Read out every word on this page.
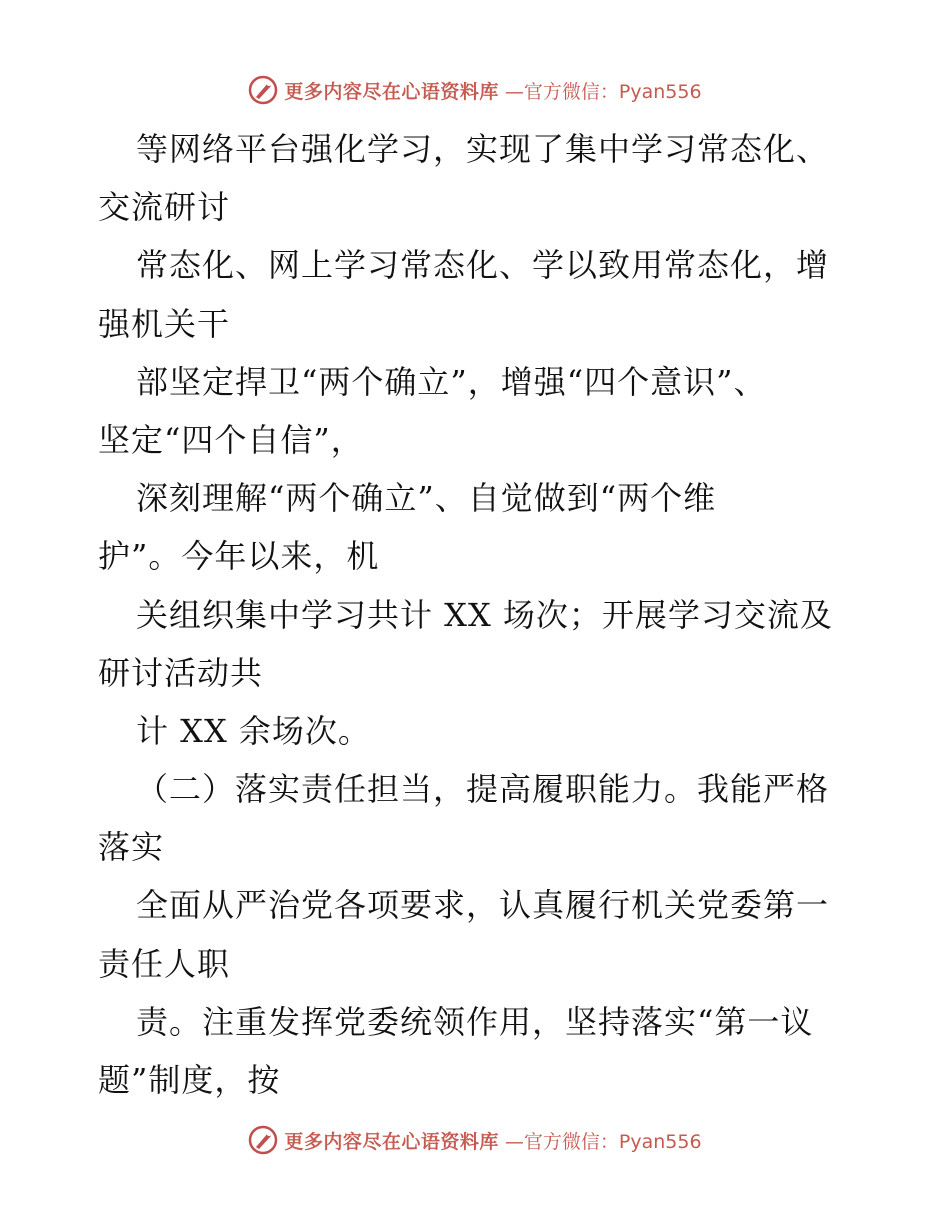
更多内容尽在心语资料库 —官方微信：Pyan556
等网络平台强化学习，实现了集中学习常态化、
交流研讨
常态化、网上学习常态化、学以致用常态化，增
强机关干
部坚定捍卫“两个确立”，增强“四个意识”、
坚定“四个自信”，
深刻理解“两个确立”、自觉做到“两个维
护”。今年以来，机
关组织集中学习共计 XX 场次；开展学习交流及
研讨活动共
计 XX 余场次。
（二）落实责任担当，提高履职能力。我能严格
落实
全面从严治党各项要求，认真履行机关党委第一
责任人职
责。注重发挥党委统领作用，坚持落实“第一议
题”制度，按
更多内容尽在心语资料库 —官方微信：Pyan556
